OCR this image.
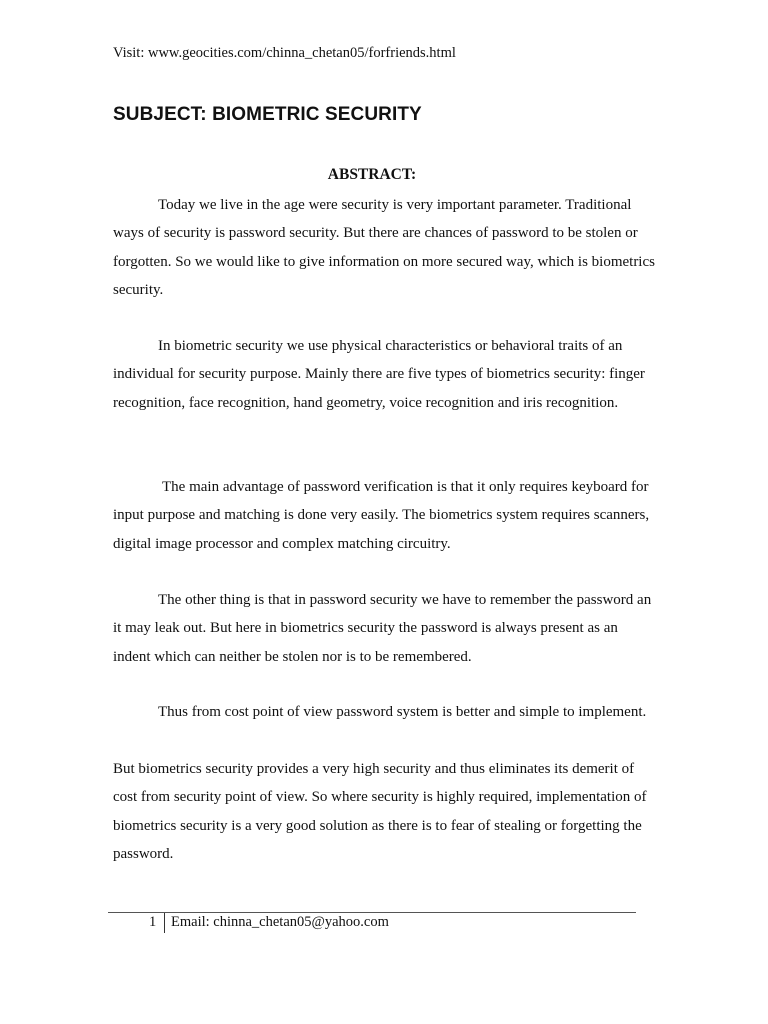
Visit: www.geocities.com/chinna_chetan05/forfriends.html
SUBJECT: BIOMETRIC SECURITY
ABSTRACT:

Today we live in the age were security is very important parameter. Traditional ways of security is password security. But there are chances of password to be stolen or forgotten. So we would like to give information on more secured way, which is biometrics security.

In biometric security we use physical characteristics or behavioral traits of an individual for security purpose. Mainly there are five types of biometrics security: finger recognition, face recognition, hand geometry, voice recognition and iris recognition.

The main advantage of password verification is that it only requires keyboard for input purpose and matching is done very easily. The biometrics system requires scanners, digital image processor and complex matching circuitry.

The other thing is that in password security we have to remember the password an it may leak out. But here in biometrics security the password is always present as an indent which can neither be stolen nor is to be remembered.

Thus from cost point of view password system is better and simple to implement.

But biometrics security provides a very high security and thus eliminates its demerit of cost from security point of view. So where security is highly required, implementation of biometrics security is a very good solution as there is to fear of stealing or forgetting the password.

1 Email: chinna_chetan05@yahoo.com
